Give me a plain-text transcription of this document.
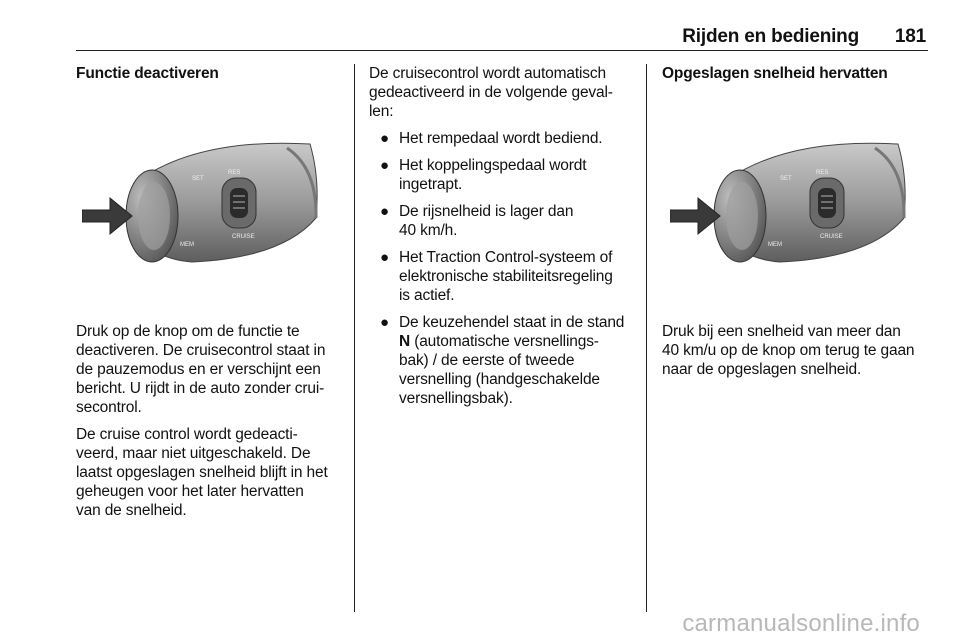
Rijden en bediening 181
Functie deactiveren
SET
RES
CRUISE
MEM

Druk op de knop om de functie te
deactiveren. De cruisecontrol staat in
de pauzemodus en er verschijnt een
bericht. U rijdt in de auto zonder crui-
secontrol.

De cruise control wordt gedeacti-
veerd, maar niet uitgeschakeld. De
laatst opgeslagen snelheid blijft in het
geheugen voor het later hervatten
van de snelheid.

De cruisecontrol wordt automatisch
gedeactiveerd in de volgende geval-
len:

● Het rempedaal wordt bediend.
● Het koppelingspedaal wordt
ingetrapt.
● De rijsnelheid is lager dan
40 km/h.
● Het Traction Control-systeem of
elektronische stabiliteitsregeling
is actief.
● De keuzehendel staat in de stand
N (automatische versnellings-
bak) / de eerste of tweede
versnelling (handgeschakelde
versnellingsbak).
Opgeslagen snelheid hervatten
SET
RES
CRUISE
MEM

Druk bij een snelheid van meer dan
40 km/u op de knop om terug te gaan
naar de opgeslagen snelheid.

carmanualsonline.info
